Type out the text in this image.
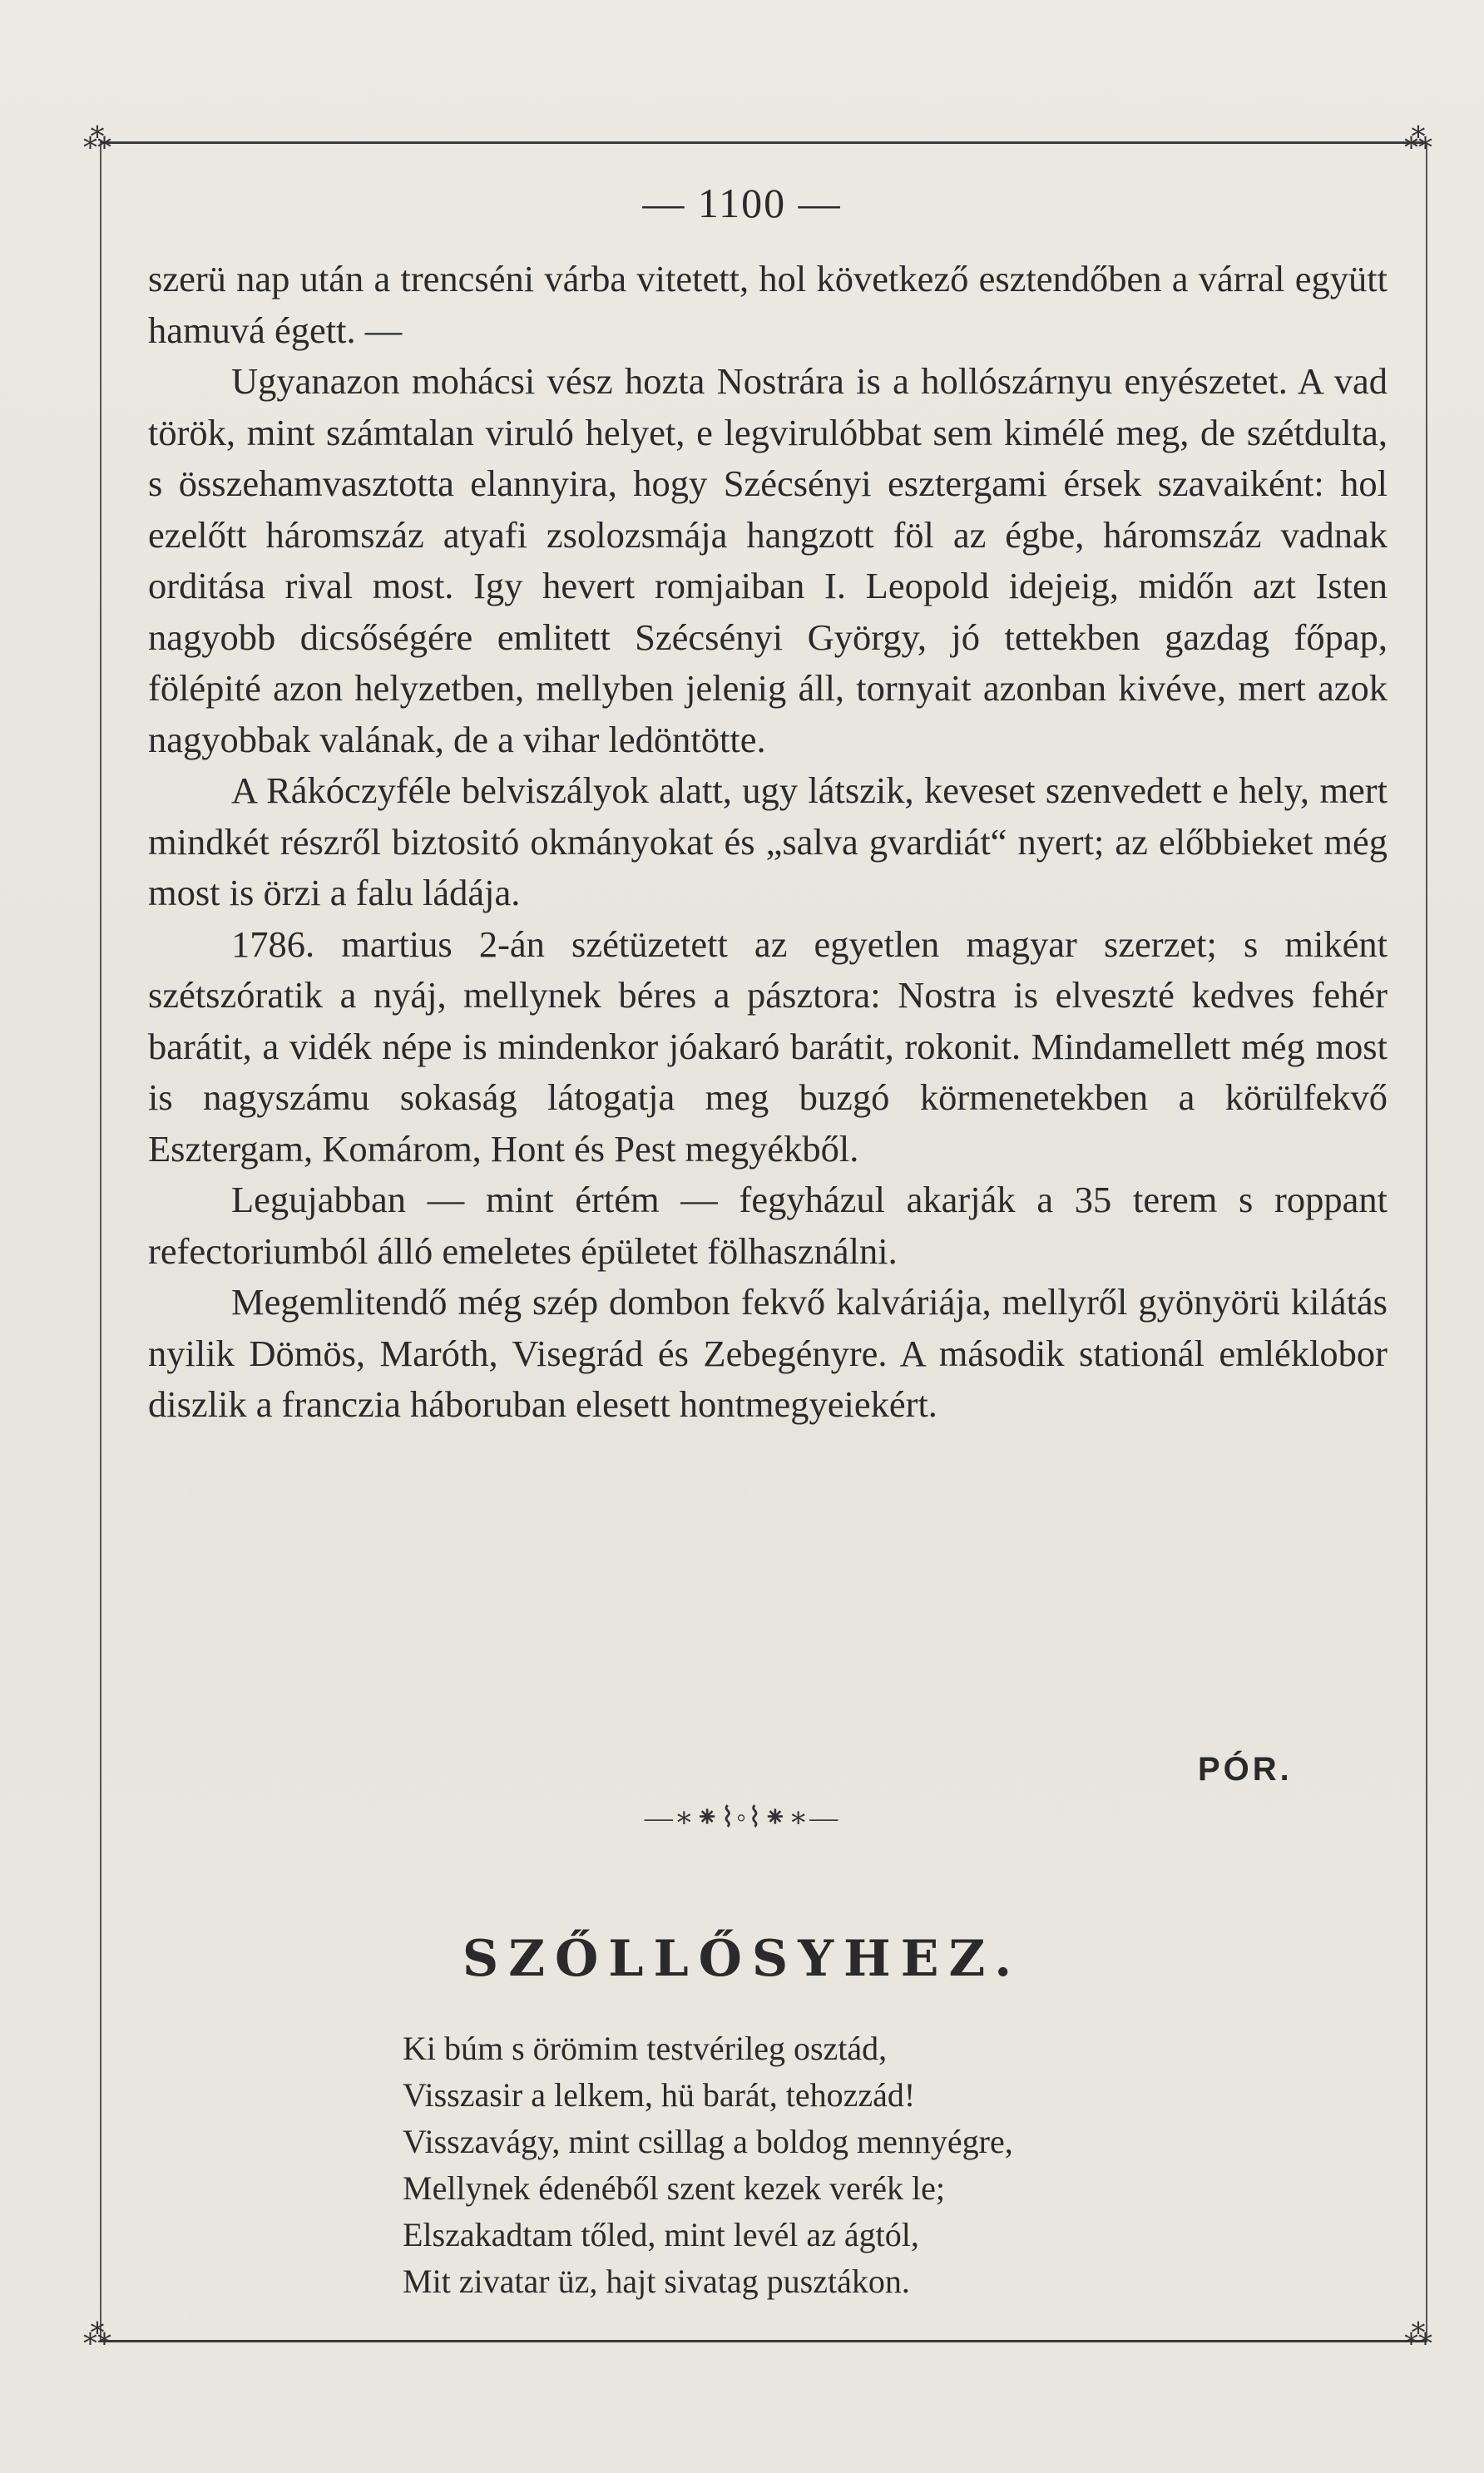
⁂	⁂
⁂	⁂
— 1100 —

szerü nap után a trencséni várba vitetett, hol következő esztendőben a várral együtt hamuvá égett. —

Ugyanazon mohácsi vész hozta Nostrára is a hollószárnyu enyészetet. A vad török, mint számtalan viruló helyet, e legvirulóbbat sem kimélé meg, de szétdulta, s összehamvasztotta elannyira, hogy Szécsényi esztergami érsek szavaiként: hol ezelőtt háromszáz atyafi zsolozsmája hangzott föl az égbe, háromszáz vadnak orditása rival most. Igy hevert romjaiban I. Leopold idejeig, midőn azt Isten nagyobb dicsőségére emlitett Szécsényi György, jó tettekben gazdag főpap, fölépité azon helyzetben, mellyben jelenig áll, tornyait azonban kivéve, mert azok nagyobbak valának, de a vihar ledöntötte.

A Rákóczyféle belviszályok alatt, ugy látszik, keveset szenvedett e hely, mert mindkét részről biztositó okmányokat és „salva gvardiát“ nyert; az előbbieket még most is örzi a falu ládája.

1786. martius 2-án szétüzetett az egyetlen magyar szerzet; s miként szétszóratik a nyáj, mellynek béres a pásztora: Nostra is elveszté kedves fehér barátit, a vidék népe is mindenkor jóakaró barátit, rokonit. Mindamellett még most is nagyszámu sokaság látogatja meg buzgó körmenetekben a körülfekvő Esztergam, Komárom, Hont és Pest megyékből.

Legujabban — mint értém — fegyházul akarják a 35 terem s roppant refectoriumból álló emeletes épületet fölhasználni.

Megemlitendő még szép dombon fekvő kalváriája, mellyről gyönyörü kilátás nyilik Dömös, Maróth, Visegrád és Zebegényre. A második stationál emléklobor diszlik a franczia háboruban elesett hontmegyeiekért.

PÓR.
—∗⁕⌇◦⌇⁕∗—
SZŐLLŐSYHEZ.
Ki búm s örömim testvérileg osztád,
Visszasir a lelkem, hü barát, tehozzád!
Visszavágy, mint csillag a boldog mennyégre,
Mellynek édenéből szent kezek verék le;
Elszakadtam tőled, mint levél az ágtól,
Mit zivatar üz, hajt sivatag pusztákon.
